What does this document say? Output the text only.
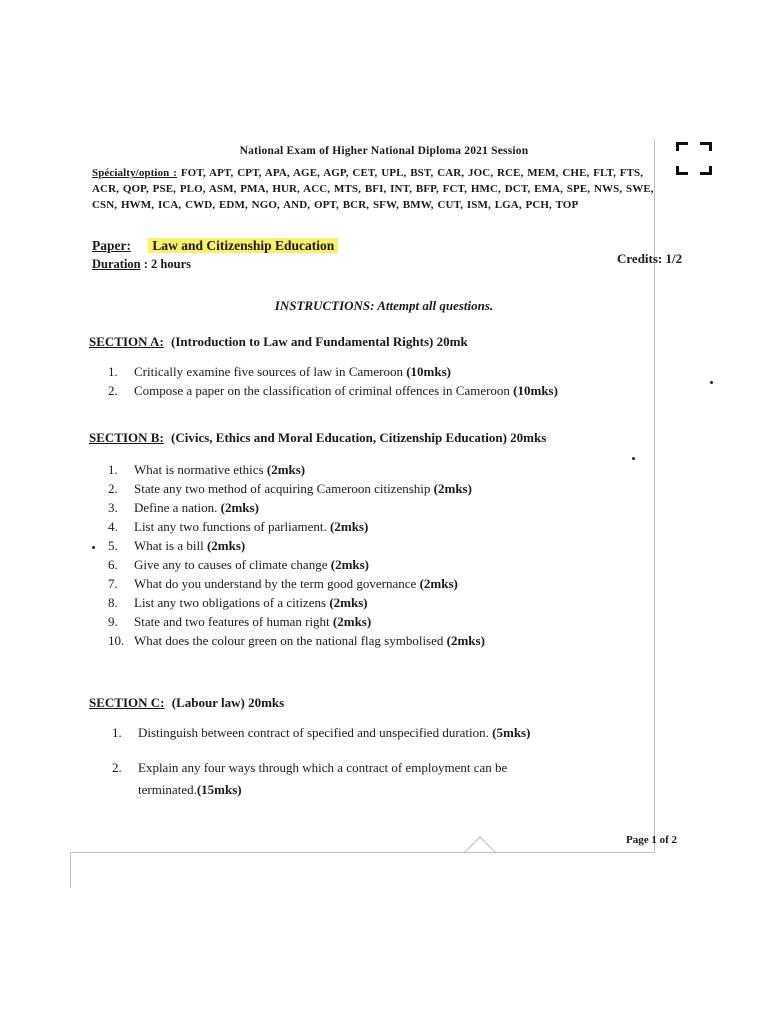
National Exam of Higher National Diploma 2021 Session
Spécialty/option : FOT, APT, CPT, APA, AGE, AGP, CET, UPL, BST, CAR, JOC, RCE, MEM, CHE, FLT, FTS, ACR, QOP, PSE, PLO, ASM, PMA, HUR, ACC, MTS, BFI, INT, BFP, FCT, HMC, DCT, EMA, SPE, NWS, SWE, CSN, HWM, ICA, CWD, EDM, NGO, AND, OPT, BCR, SFW, BMW, CUT, ISM, LGA, PCH, TOP
Paper: Law and Citizenship Education
Duration : 2 hours	Credits: 1/2
INSTRUCTIONS: Attempt all questions.
SECTION A: (Introduction to Law and Fundamental Rights) 20mk
1. Critically examine five sources of law in Cameroon (10mks)
2. Compose a paper on the classification of criminal offences in Cameroon (10mks)
SECTION B: (Civics, Ethics and Moral Education, Citizenship Education) 20mks
1. What is normative ethics (2mks)
2. State any two method of acquiring Cameroon citizenship (2mks)
3. Define a nation. (2mks)
4. List any two functions of parliament. (2mks)
5. What is a bill (2mks)
6. Give any to causes of climate change (2mks)
7. What do you understand by the term good governance (2mks)
8. List any two obligations of a citizens (2mks)
9. State and two features of human right (2mks)
10. What does the colour green on the national flag symbolised (2mks)
SECTION C: (Labour law) 20mks
1. Distinguish between contract of specified and unspecified duration. (5mks)
2. Explain any four ways through which a contract of employment can be
terminated.(15mks)
Page 1 of 2
